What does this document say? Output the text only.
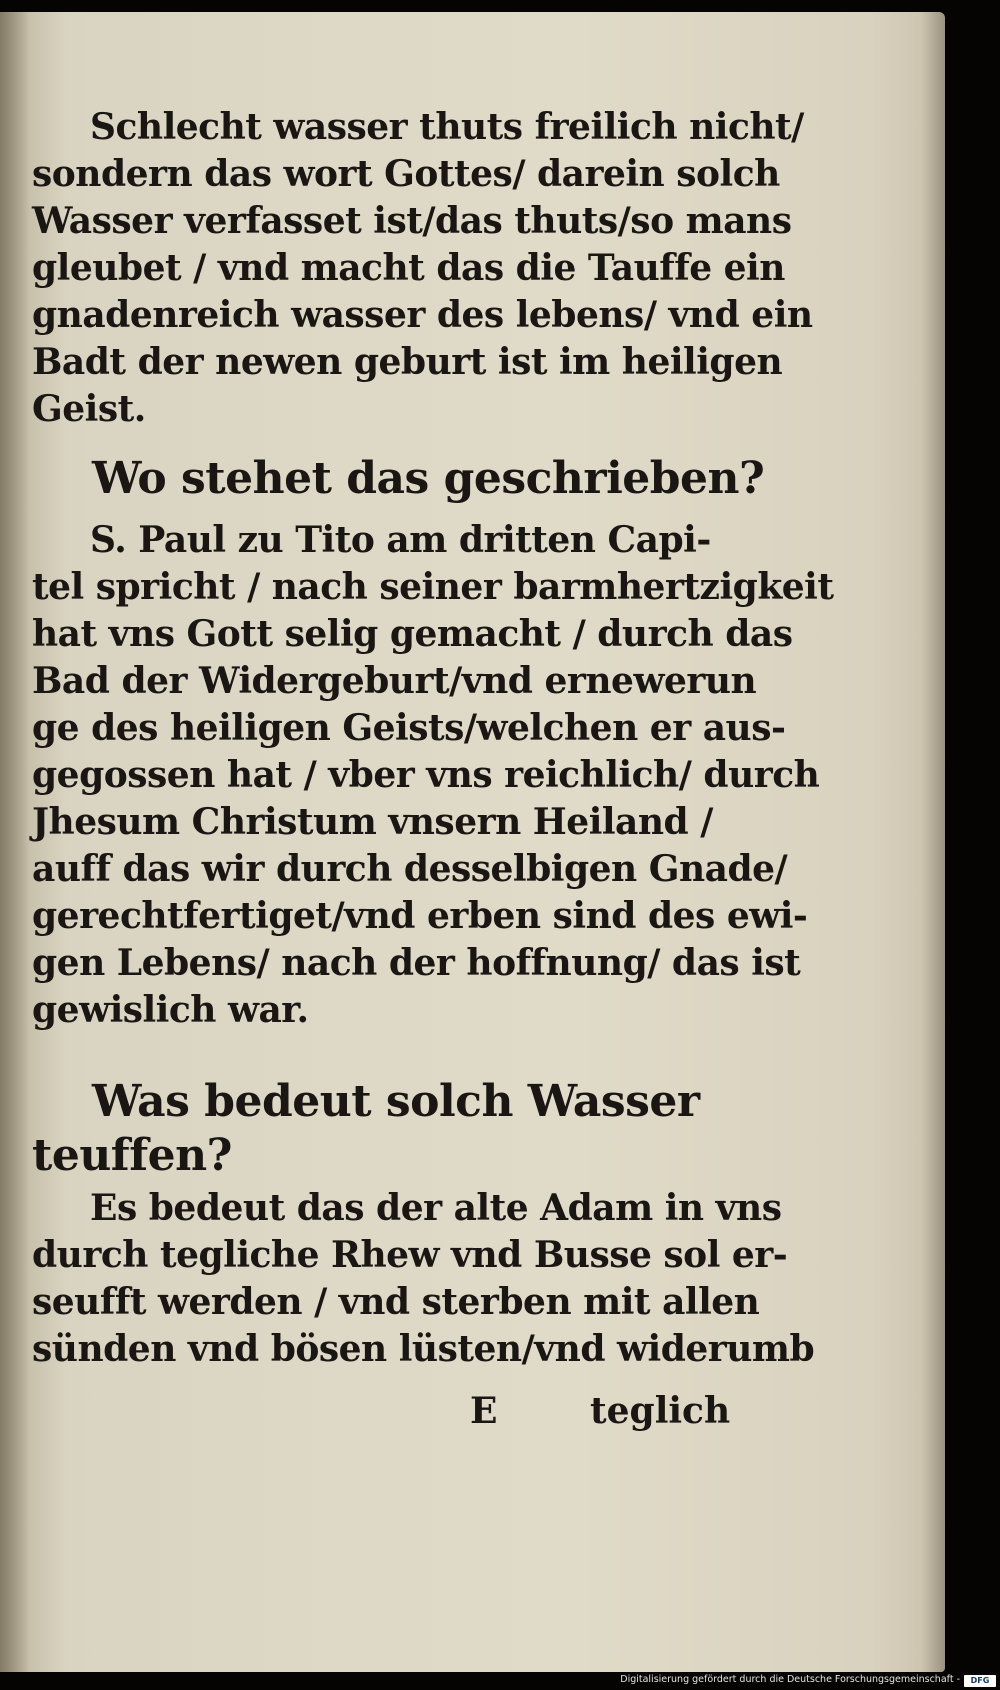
Schlecht wasser thuts freilich nicht/
sondern das wort Gottes/ darein solch
Wasser verfasset ist/das thuts/so mans
gleubet / vnd macht das die Tauffe ein
gnadenreich wasser des lebens/ vnd ein
Badt der newen geburt ist im heiligen
Geist.
Wo stehet das geschrieben?
S. Paul zu Tito am dritten Capi-
tel spricht / nach seiner barmhertzigkeit
hat vns Gott selig gemacht / durch das
Bad der Widergeburt/vnd ernewerun
ge des heiligen Geists/welchen er aus-
gegossen hat / vber vns reichlich/ durch
Jhesum Christum vnsern Heiland /
auff das wir durch desselbigen Gnade/
gerechtfertiget/vnd erben sind des ewi-
gen Lebens/ nach der hoffnung/ das ist
gewislich war.
Was bedeut solch Wasser
teuffen?
Es bedeut das der alte Adam in vns
durch tegliche Rhew vnd Busse sol er-
seufft werden / vnd sterben mit allen
sünden vnd bösen lüsten/vnd widerumb
E	teglich
Digitalisierung gefördert durch die Deutsche Forschungsgemeinschaft -	DFG
